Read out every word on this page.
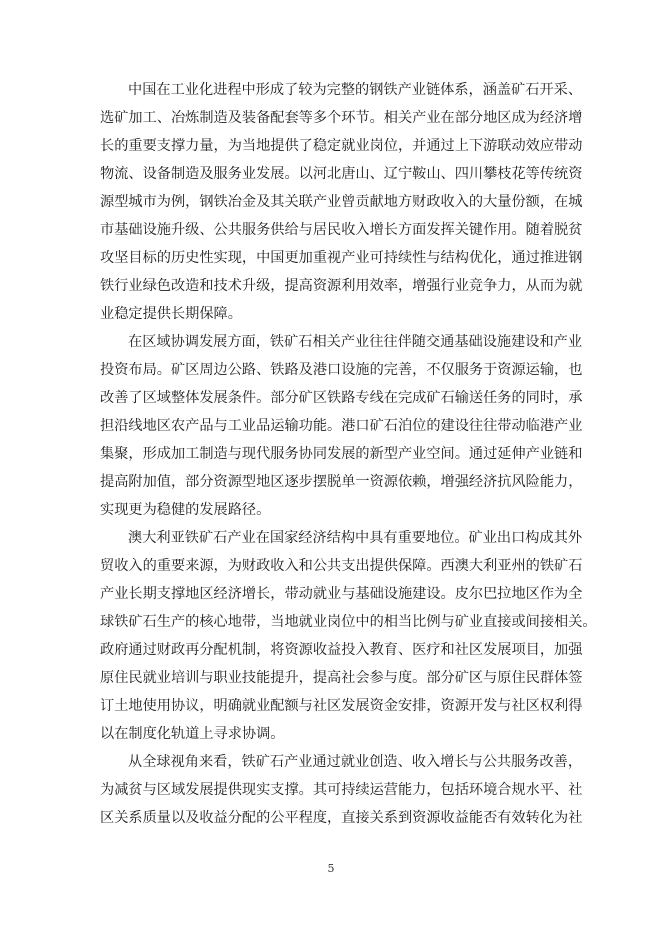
中国在工业化进程中形成了较为完整的钢铁产业链体系，涵盖矿石开采、
选矿加工、冶炼制造及装备配套等多个环节。相关产业在部分地区成为经济增
长的重要支撑力量，为当地提供了稳定就业岗位，并通过上下游联动效应带动
物流、设备制造及服务业发展。以河北唐山、辽宁鞍山、四川攀枝花等传统资
源型城市为例，钢铁冶金及其关联产业曾贡献地方财政收入的大量份额，在城
市基础设施升级、公共服务供给与居民收入增长方面发挥关键作用。随着脱贫
攻坚目标的历史性实现，中国更加重视产业可持续性与结构优化，通过推进钢
铁行业绿色改造和技术升级，提高资源利用效率，增强行业竞争力，从而为就
业稳定提供长期保障。
在区域协调发展方面，铁矿石相关产业往往伴随交通基础设施建设和产业
投资布局。矿区周边公路、铁路及港口设施的完善，不仅服务于资源运输，也
改善了区域整体发展条件。部分矿区铁路专线在完成矿石输送任务的同时，承
担沿线地区农产品与工业品运输功能。港口矿石泊位的建设往往带动临港产业
集聚，形成加工制造与现代服务协同发展的新型产业空间。通过延伸产业链和
提高附加值，部分资源型地区逐步摆脱单一资源依赖，增强经济抗风险能力，
实现更为稳健的发展路径。
澳大利亚铁矿石产业在国家经济结构中具有重要地位。矿业出口构成其外
贸收入的重要来源，为财政收入和公共支出提供保障。西澳大利亚州的铁矿石
产业长期支撑地区经济增长，带动就业与基础设施建设。皮尔巴拉地区作为全
球铁矿石生产的核心地带，当地就业岗位中的相当比例与矿业直接或间接相关。
政府通过财政再分配机制，将资源收益投入教育、医疗和社区发展项目，加强
原住民就业培训与职业技能提升，提高社会参与度。部分矿区与原住民群体签
订土地使用协议，明确就业配额与社区发展资金安排，资源开发与社区权利得
以在制度化轨道上寻求协调。
从全球视角来看，铁矿石产业通过就业创造、收入增长与公共服务改善，
为减贫与区域发展提供现实支撑。其可持续运营能力，包括环境合规水平、社
区关系质量以及收益分配的公平程度，直接关系到资源收益能否有效转化为社
5
